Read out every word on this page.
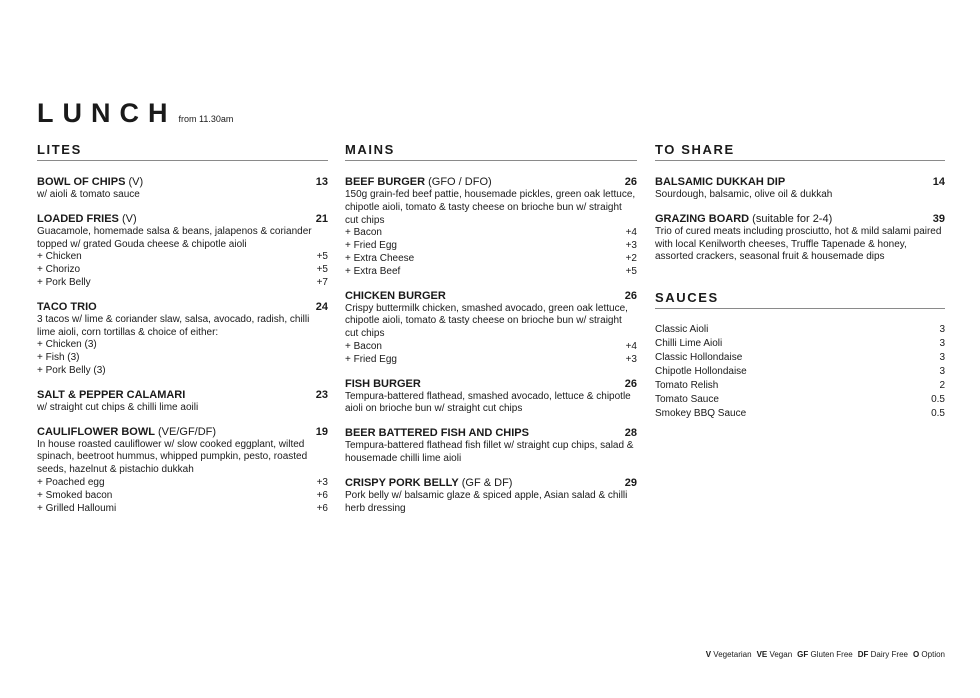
LUNCH from 11.30am
LITES
BOWL OF CHIPS (V)	13
w/ aioli & tomato sauce
LOADED FRIES (V)	21
Guacamole, homemade salsa & beans, jalapenos & coriander topped w/ grated Gouda cheese & chipotle aioli
+ Chicken	+5
+ Chorizo	+5
+ Pork Belly	+7
TACO TRIO	24
3 tacos w/ lime & coriander slaw, salsa, avocado, radish, chilli lime aioli, corn tortillas & choice of either:
+ Chicken (3)
+ Fish (3)
+ Pork Belly (3)
SALT & PEPPER CALAMARI	23
w/ straight cut chips & chilli lime aoili
CAULIFLOWER BOWL (VE/GF/DF)	19
In house roasted cauliflower w/ slow cooked eggplant, wilted spinach, beetroot hummus, whipped pumpkin, pesto, roasted seeds, hazelnut & pistachio dukkah
+ Poached egg	+3
+ Smoked bacon	+6
+ Grilled Halloumi	+6
MAINS
BEEF BURGER (GFO / DFO)	26
150g grain-fed beef pattie, housemade pickles, green oak lettuce, chipotle aioli, tomato & tasty cheese on brioche bun w/ straight cut chips
+ Bacon	+4
+ Fried Egg	+3
+ Extra Cheese	+2
+ Extra Beef	+5
CHICKEN BURGER	26
Crispy buttermilk chicken, smashed avocado, green oak lettuce, chipotle aioli, tomato & tasty cheese on brioche bun w/ straight cut chips
+ Bacon	+4
+ Fried Egg	+3
FISH BURGER	26
Tempura-battered flathead, smashed avocado, lettuce & chipotle aioli on brioche bun w/ straight cut chips
BEER BATTERED FISH AND CHIPS	28
Tempura-battered flathead fish fillet w/ straight cup chips, salad & housemade chilli lime aioli
CRISPY PORK BELLY (GF & DF)	29
Pork belly w/ balsamic glaze & spiced apple, Asian salad & chilli herb dressing
TO SHARE
BALSAMIC DUKKAH DIP	14
Sourdough, balsamic, olive oil & dukkah
GRAZING BOARD (suitable for 2-4)	39
Trio of cured meats including prosciutto, hot & mild salami paired with local Kenilworth cheeses, Truffle Tapenade & honey, assorted crackers, seasonal fruit & housemade dips
SAUCES
Classic Aioli	3
Chilli Lime Aioli	3
Classic Hollondaise	3
Chipotle Hollondaise	3
Tomato Relish	2
Tomato Sauce	0.5
Smokey BBQ Sauce	0.5
V Vegetarian VE Vegan GF Gluten Free DF Dairy Free O Option
